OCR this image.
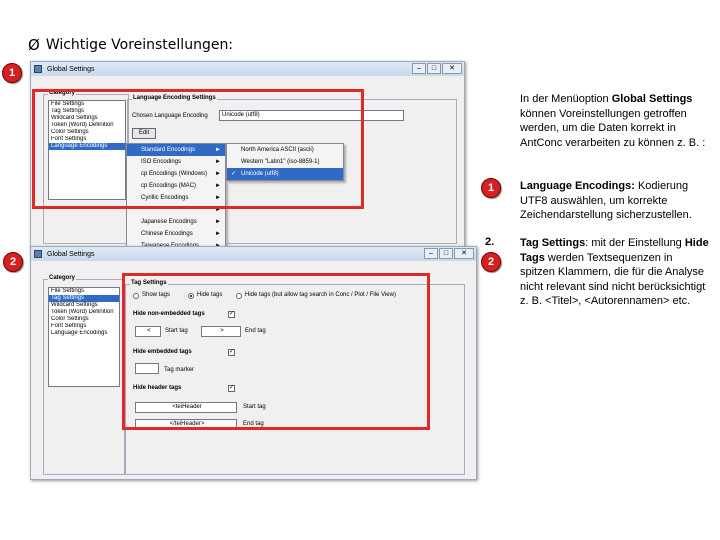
Ø Wichtige Voreinstellungen:
1	Global Settings	–	□	✕
Category
File Settings
Tag Settings
Wildcard Settings
Token (Word) Definition
Color Settings
Font Settings
Language Encodings
Language Encoding Settings
Chosen Language Encoding	Unicode (utf8)
Edit
Standard Encodings	►
ISO Encodings	►
cp Encodings (Windows) ►
cp Encodings (MAC)	►
Cyrillic Encodings	►
►
Japanese Encodings	►
Chinese Encodings	►
North America ASCII (ascii)
Western "Latin1" (iso-8859-1)
✓ Unicode (utf8)
Global Settings	–	□	✕
Category
File Settings
Tag Settings
Wildcard Settings
Token (Word) Definition
Color Settings
Font Settings
Language Encodings
Tag Settings
Show tags	Hide tags	Hide tags (but allow tag search in Conc / Plot / File View)
Hide non-embedded tags	✓
<	Start tag	>	End tag
Hide embedded tags	✓
Tag marker
Hide header tags	✓
<teiHeader	Start tag
</teiHeader>	End tag
2
In der Menüoption Global Settings können Voreinstellungen getroffen werden, um die Daten korrekt in AntConc verarbeiten zu können z. B. :
1	Language Encodings: Kodierung UTF8 auswählen, um korrekte Zeichendarstellung sicherzustellen.
2.
2
Tag Settings: mit der Einstellung Hide Tags werden Textsequenzen in spitzen Klammern, die für die Analyse nicht relevant sind nicht berücksichtigt z. B. <Titel>, <Autorennamen> etc.
